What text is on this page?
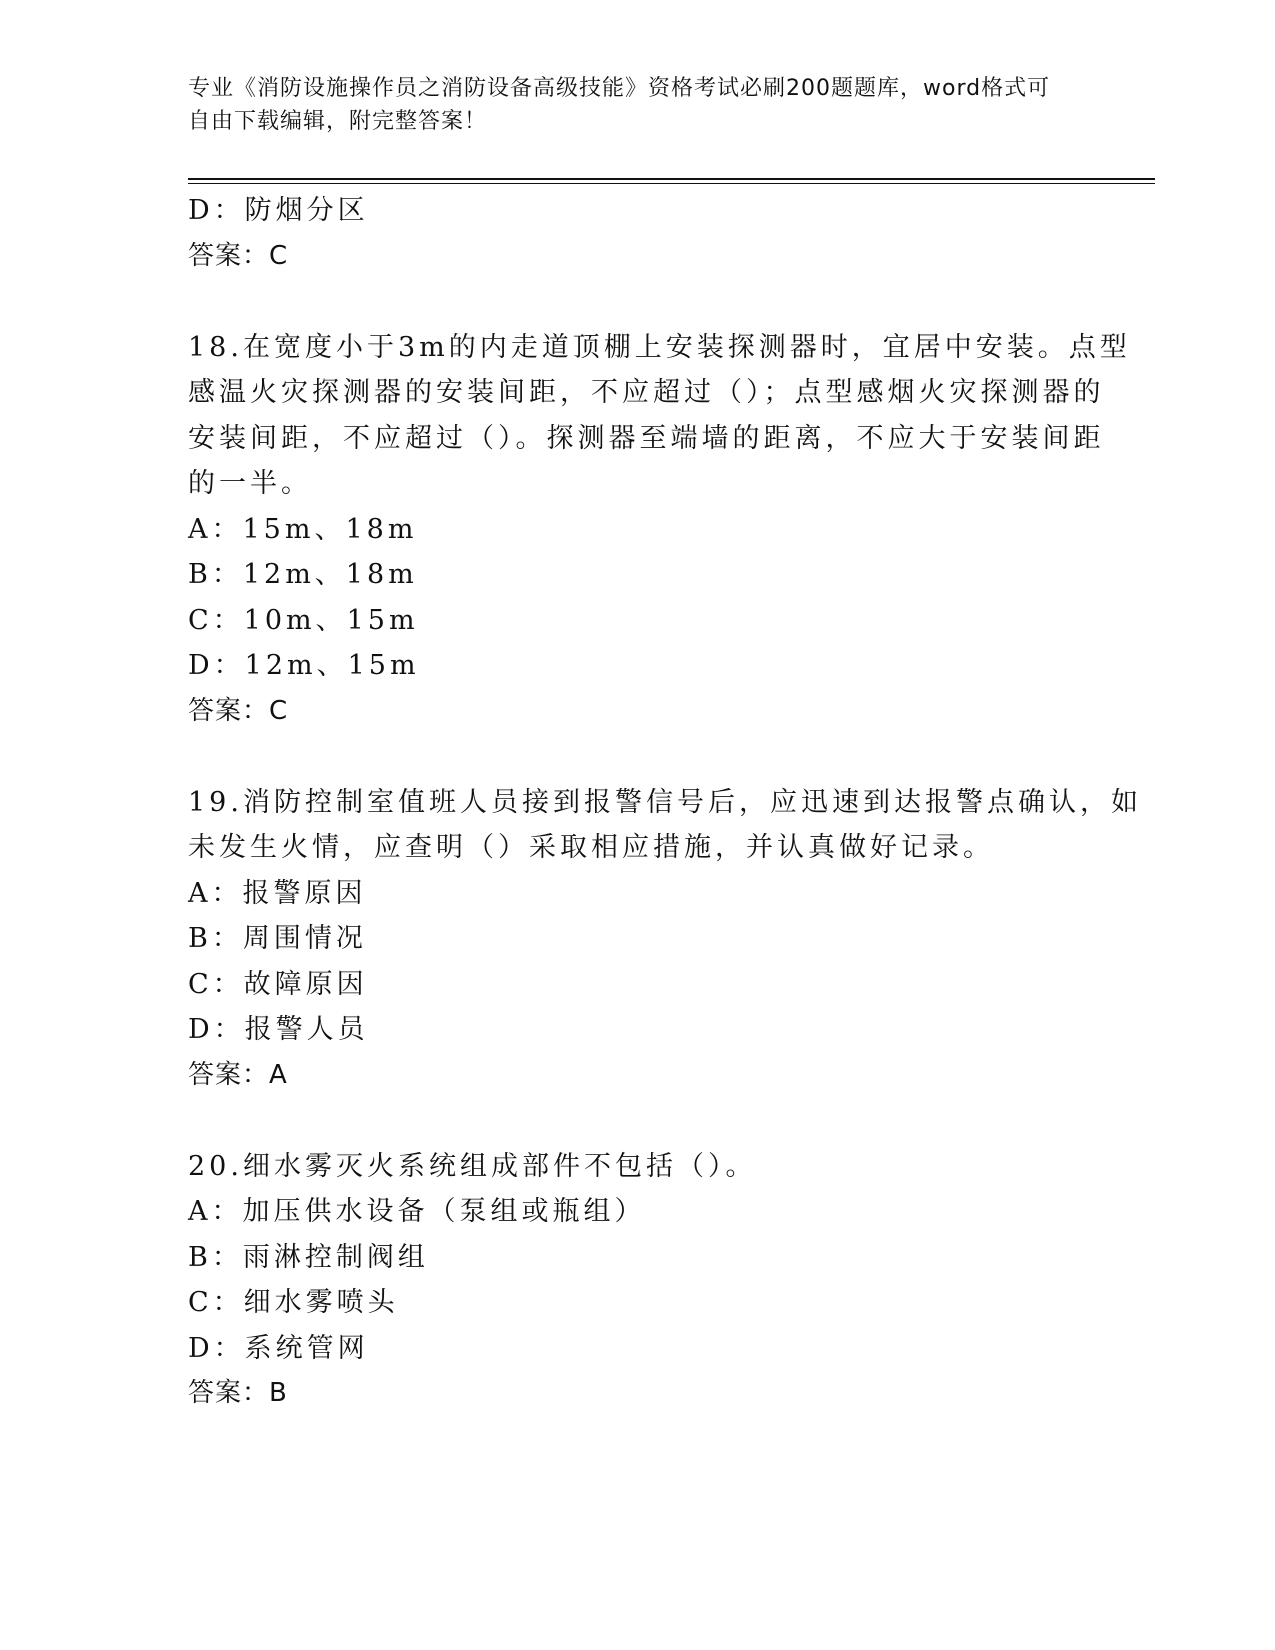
专业《消防设施操作员之消防设备高级技能》资格考试必刷200题题库，word格式可自由下载编辑，附完整答案！
D：防烟分区
答案：C
18.在宽度小于3m的内走道顶棚上安装探测器时，宜居中安装。点型
感温火灾探测器的安装间距，不应超过（）；点型感烟火灾探测器的
安装间距，不应超过（）。探测器至端墙的距离，不应大于安装间距
的一半。
A：15m、18m
B：12m、18m
C：10m、15m
D：12m、15m
答案：C
19.消防控制室值班人员接到报警信号后，应迅速到达报警点确认，如
未发生火情，应查明（）采取相应措施，并认真做好记录。
A：报警原因
B：周围情况
C：故障原因
D：报警人员
答案：A
20.细水雾灭火系统组成部件不包括（）。
A：加压供水设备（泵组或瓶组）
B：雨淋控制阀组
C：细水雾喷头
D：系统管网
答案：B
